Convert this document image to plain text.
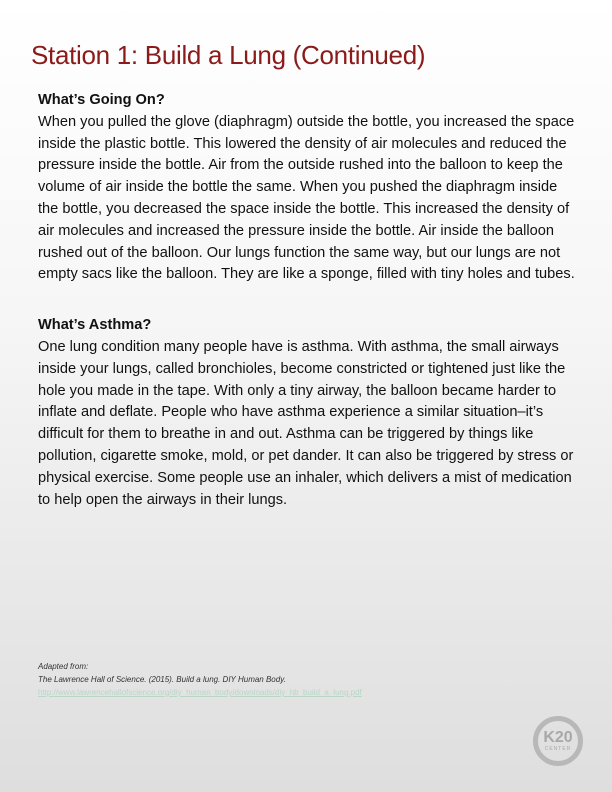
Station 1: Build a Lung (Continued)

What’s Going On?

When you pulled the glove (diaphragm) outside the bottle, you increased the space inside the plastic bottle. This lowered the density of air molecules and reduced the pressure inside the bottle. Air from the outside rushed into the balloon to keep the volume of air inside the bottle the same. When you pushed the diaphragm inside the bottle, you decreased the space inside the bottle. This increased the density of air molecules and increased the pressure inside the bottle. Air inside the balloon rushed out of the balloon. Our lungs function the same way, but our lungs are not empty sacs like the balloon. They are like a sponge, filled with tiny holes and tubes.

What’s Asthma?

One lung condition many people have is asthma. With asthma, the small airways inside your lungs, called bronchioles, become constricted or tightened just like the hole you made in the tape. With only a tiny airway, the balloon became harder to inflate and deflate. People who have asthma experience a similar situation–it’s difficult for them to breathe in and out. Asthma can be triggered by things like pollution, cigarette smoke, mold, or pet dander. It can also be triggered by stress or physical exercise. Some people use an inhaler, which delivers a mist of medication to help open the airways in their lungs.

Adapted from:
The Lawrence Hall of Science. (2015). Build a lung. DIY Human Body.
http://www.lawrencehallofscience.org/diy_human_body/downloads/diy_hb_build_a_lung.pdf
K20
CENTER
